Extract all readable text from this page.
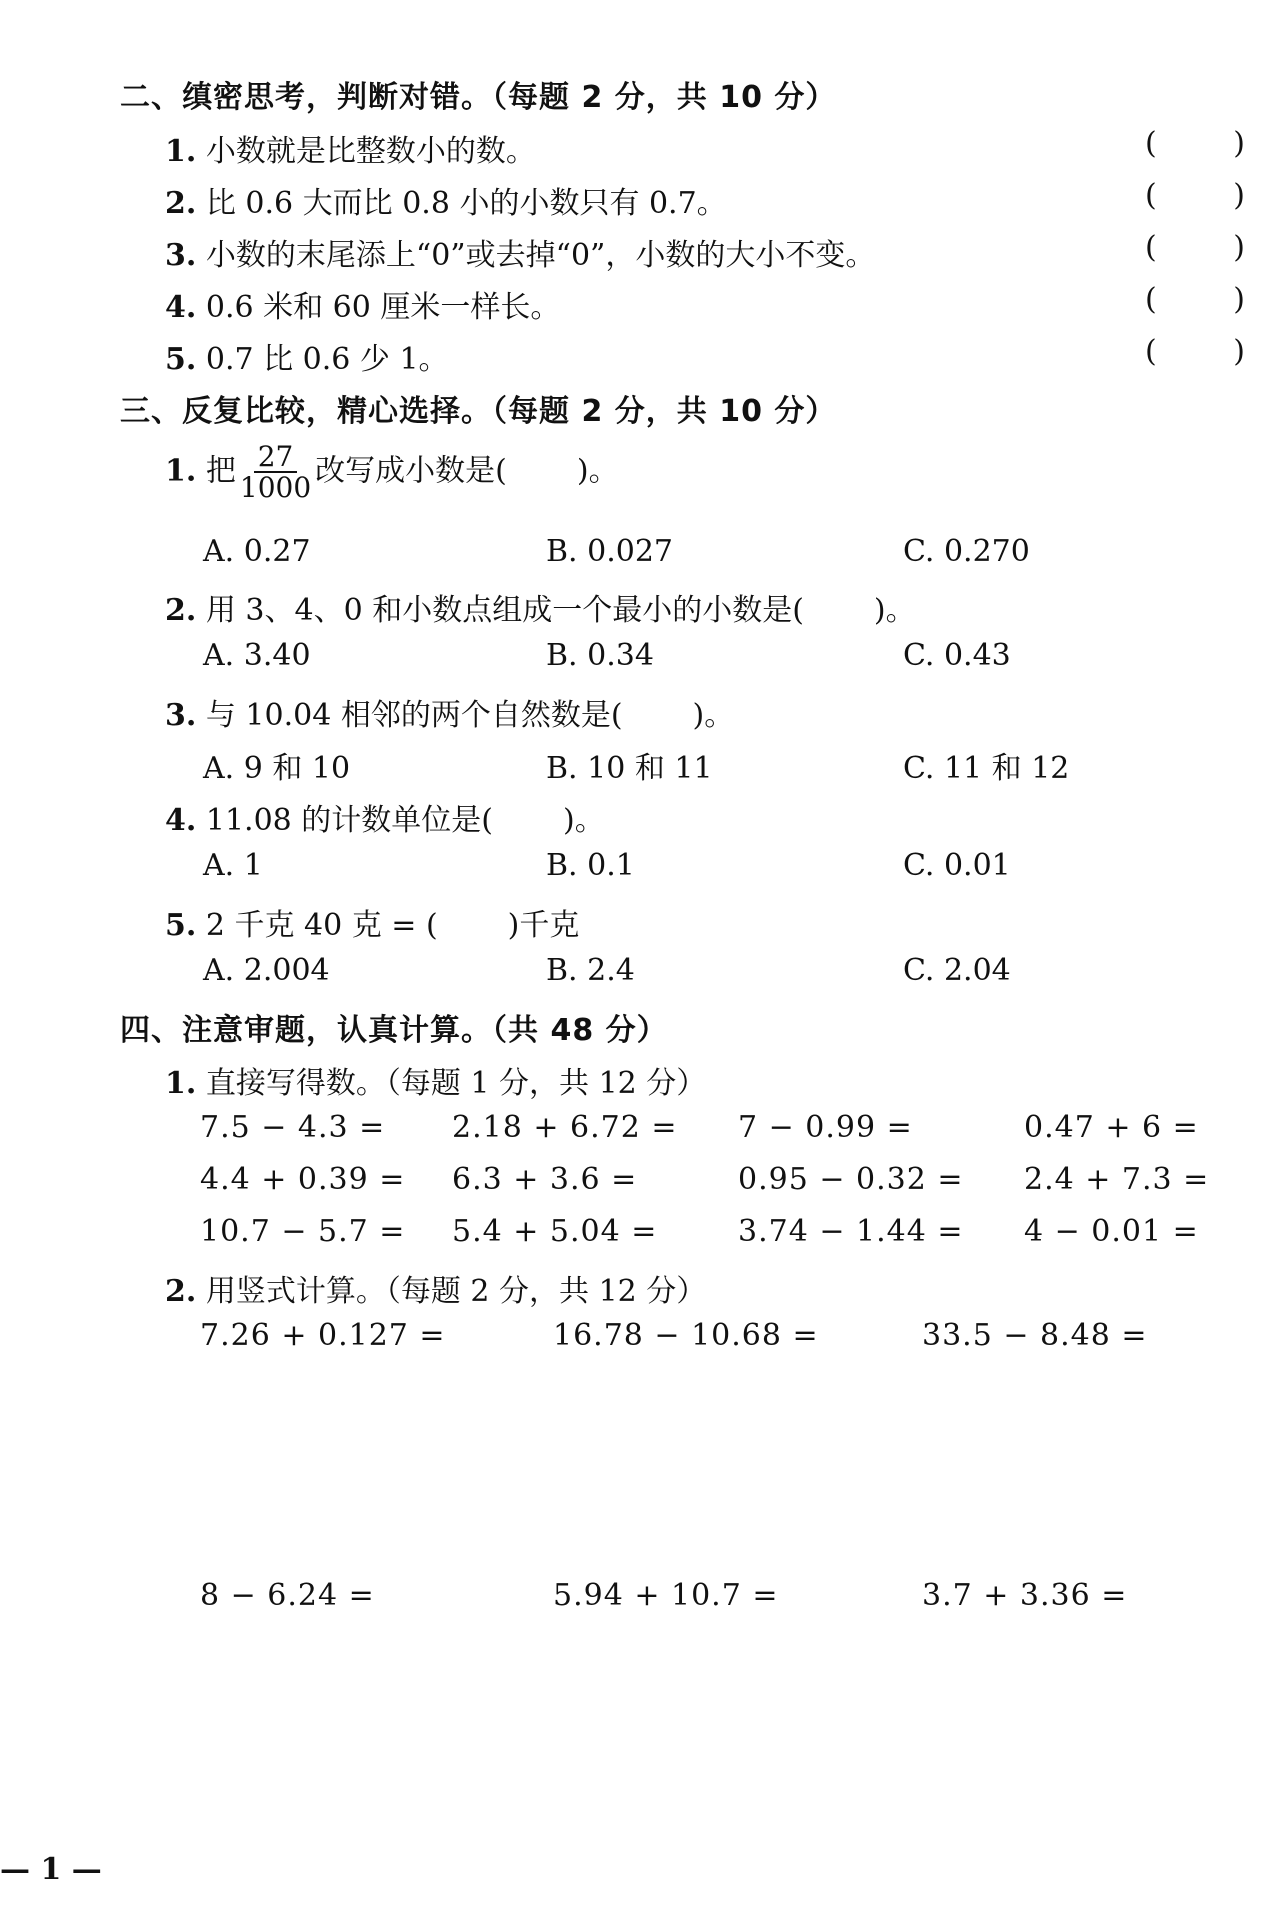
二、缜密思考，判断对错。（每题 2 分，共 10 分）
1. 小数就是比整数小的数。	(	)
2. 比 0.6 大而比 0.8 小的小数只有 0.7。	(	)
3. 小数的末尾添上“0”或去掉“0”，小数的大小不变。	(	)
4. 0.6 米和 60 厘米一样长。	(	)
5. 0.7 比 0.6 少 1。	(	)
三、反复比较，精心选择。（每题 2 分，共 10 分）
1. 把 $\frac{27}{1000}$ 改写成小数是( )。
A. 0.27	B. 0.027	C. 0.270
2. 用 3、4、0 和小数点组成一个最小的小数是( )。
A. 3.40	B. 0.34	C. 0.43
3. 与 10.04 相邻的两个自然数是( )。
A. 9 和 10	B. 10 和 11	C. 11 和 12
4. 11.08 的计数单位是( )。
A. 1	B. 0.1	C. 0.01
5. 2 千克 40 克 = ( )千克
A. 2.004	B. 2.4	C. 2.04
四、注意审题，认真计算。（共 48 分）
1. 直接写得数。（每题 1 分，共 12 分）
7.5 − 4.3 = 2.18 + 6.72 = 7 − 0.99 =	0.47 + 6 =
4.4 + 0.39 = 6.3 + 3.6 =	0.95 − 0.32 = 2.4 + 7.3 =
10.7 − 5.7 = 5.4 + 5.04 =	3.74 − 1.44 = 4 − 0.01 =
2. 用竖式计算。（每题 2 分，共 12 分）
7.26 + 0.127 =	16.78 − 10.68 =	33.5 − 8.48 =
8 − 6.24 =	5.94 + 10.7 =	3.7 + 3.36 =
— 1 —
